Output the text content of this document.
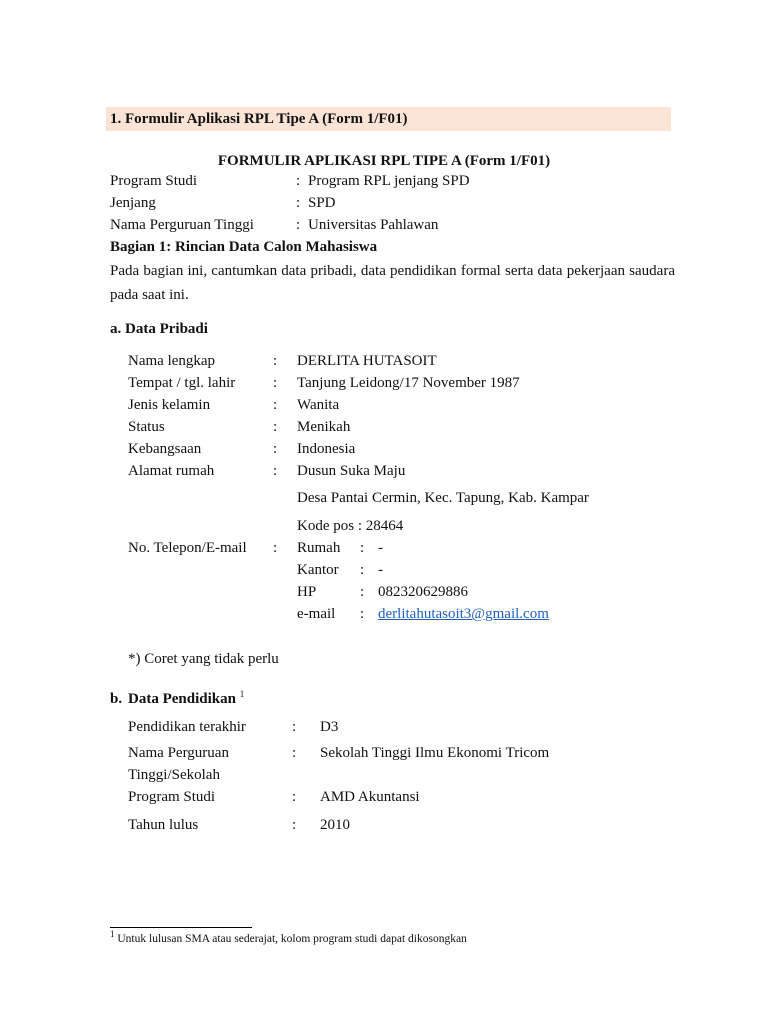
1. Formulir Aplikasi RPL Tipe A (Form 1/F01)
FORMULIR APLIKASI RPL TIPE A (Form 1/F01)
Program Studi	: Program RPL jenjang SPD
Jenjang	: SPD
Nama Perguruan Tinggi	: Universitas Pahlawan
Bagian 1: Rincian Data Calon Mahasiswa
Pada bagian ini, cantumkan data pribadi, data pendidikan formal serta data pekerjaan saudara pada saat ini.
a. Data Pribadi
Nama lengkap	: DERLITA HUTASOIT
Tempat / tgl. lahir	: Tanjung Leidong/17 November 1987
Jenis kelamin	: Wanita
Status	: Menikah
Kebangsaan	: Indonesia
Alamat rumah	: Dusun Suka Maju
Desa Pantai Cermin, Kec. Tapung, Kab. Kampar
Kode pos : 28464
No. Telepon/E-mail : Rumah : -
Kantor : -
HP	: 082320629886
e-mail : derlitahutasoit3@gmail.com
*) Coret yang tidak perlu
b. Data Pendidikan $^1$
Pendidikan terakhir	: D3
Nama Perguruan
Tinggi/Sekolah
: Sekolah Tinggi Ilmu Ekonomi Tricom
Program Studi	: AMD Akuntansi
Tahun lulus	: 2010
$^1$ Untuk lulusan SMA atau sederajat, kolom program studi dapat dikosongkan
